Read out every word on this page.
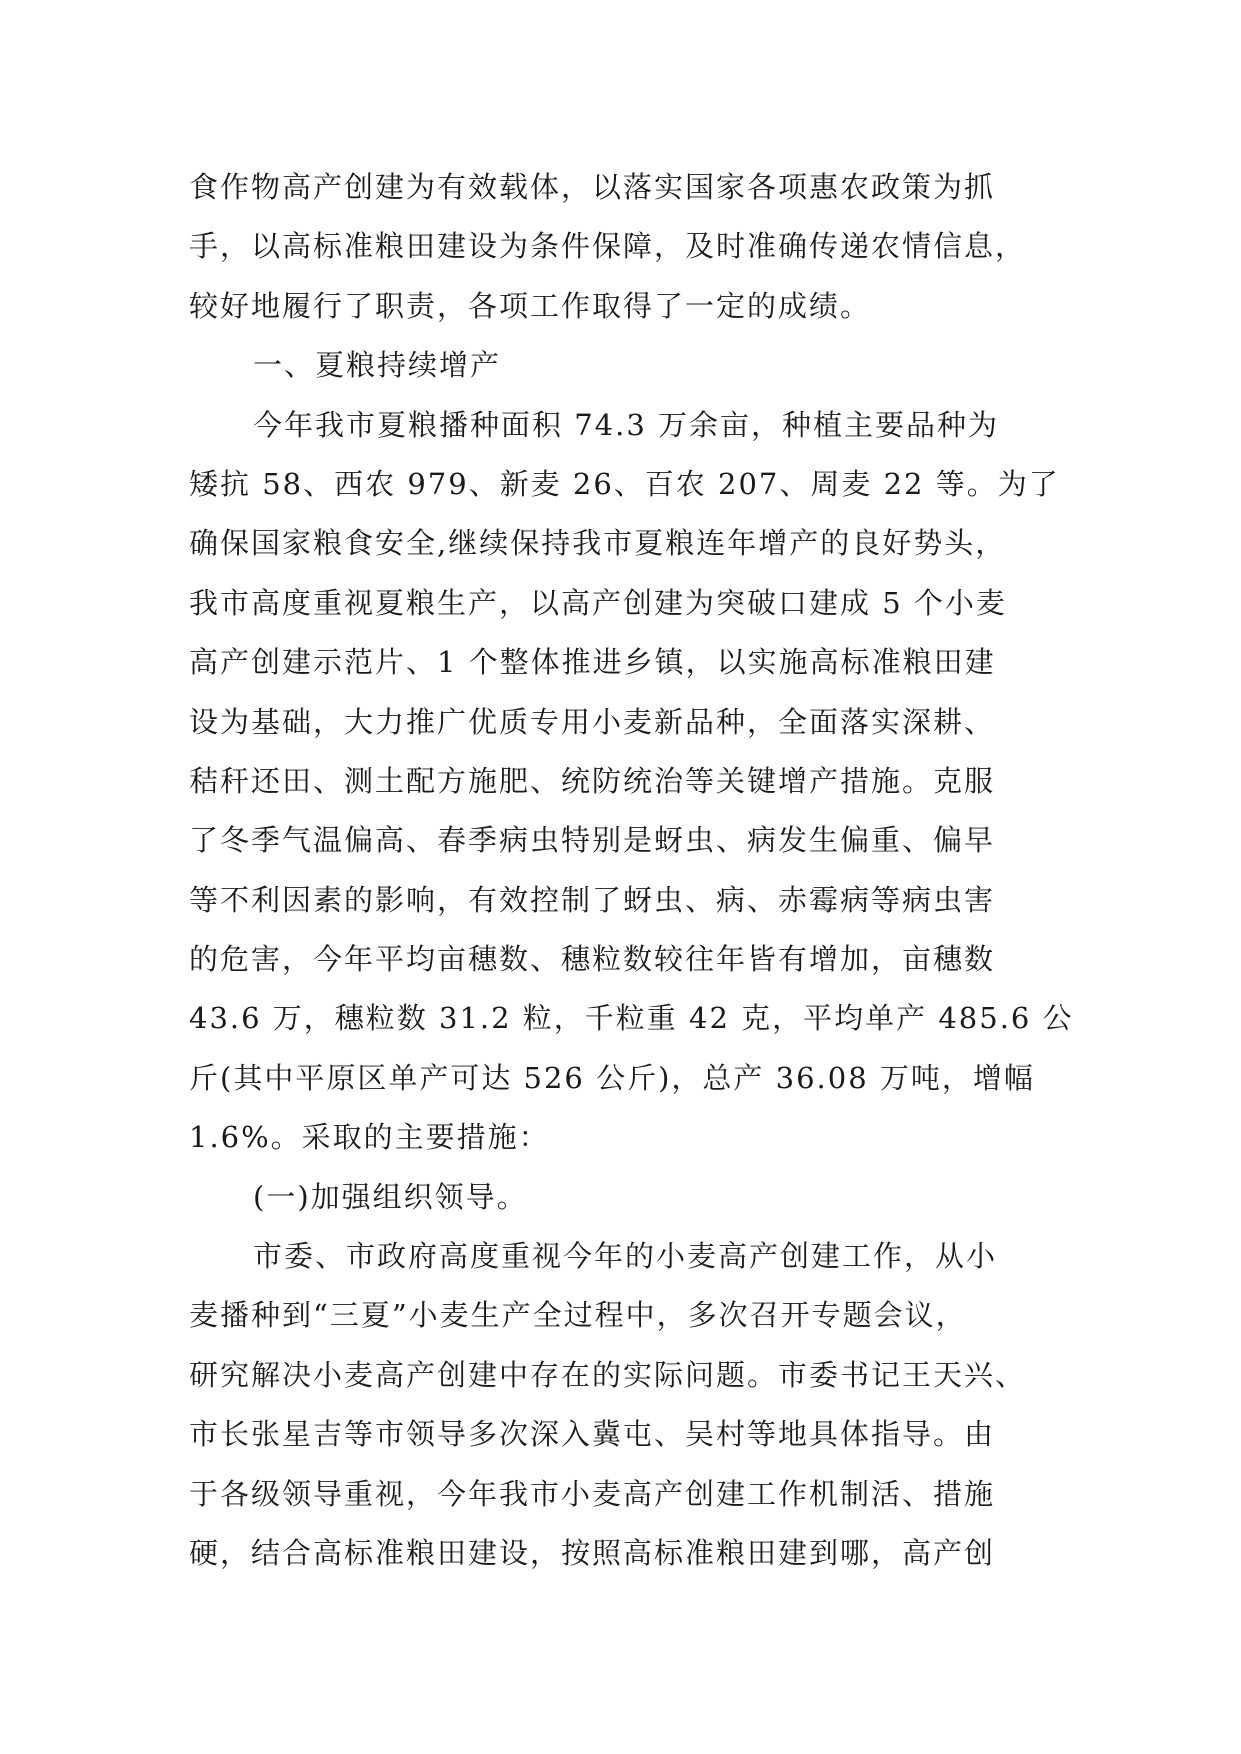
食作物高产创建为有效载体，以落实国家各项惠农政策为抓
手，以高标准粮田建设为条件保障，及时准确传递农情信息，
较好地履行了职责，各项工作取得了一定的成绩。
一、夏粮持续增产
今年我市夏粮播种面积 74.3 万余亩，种植主要品种为
矮抗 58、西农 979、新麦 26、百农 207、周麦 22 等。为了
确保国家粮食安全,继续保持我市夏粮连年增产的良好势头，
我市高度重视夏粮生产，以高产创建为突破口建成 5 个小麦
高产创建示范片、1 个整体推进乡镇，以实施高标准粮田建
设为基础，大力推广优质专用小麦新品种，全面落实深耕、
秸秆还田、测土配方施肥、统防统治等关键增产措施。克服
了冬季气温偏高、春季病虫特别是蚜虫、病发生偏重、偏早
等不利因素的影响，有效控制了蚜虫、病、赤霉病等病虫害
的危害，今年平均亩穗数、穗粒数较往年皆有增加，亩穗数
43.6 万，穗粒数 31.2 粒，千粒重 42 克，平均单产 485.6 公
斤(其中平原区单产可达 526 公斤)，总产 36.08 万吨，增幅
1.6%。采取的主要措施：
(一)加强组织领导。
市委、市政府高度重视今年的小麦高产创建工作，从小
麦播种到“三夏”小麦生产全过程中，多次召开专题会议，
研究解决小麦高产创建中存在的实际问题。市委书记王天兴、
市长张星吉等市领导多次深入冀屯、吴村等地具体指导。由
于各级领导重视，今年我市小麦高产创建工作机制活、措施
硬，结合高标准粮田建设，按照高标准粮田建到哪，高产创
